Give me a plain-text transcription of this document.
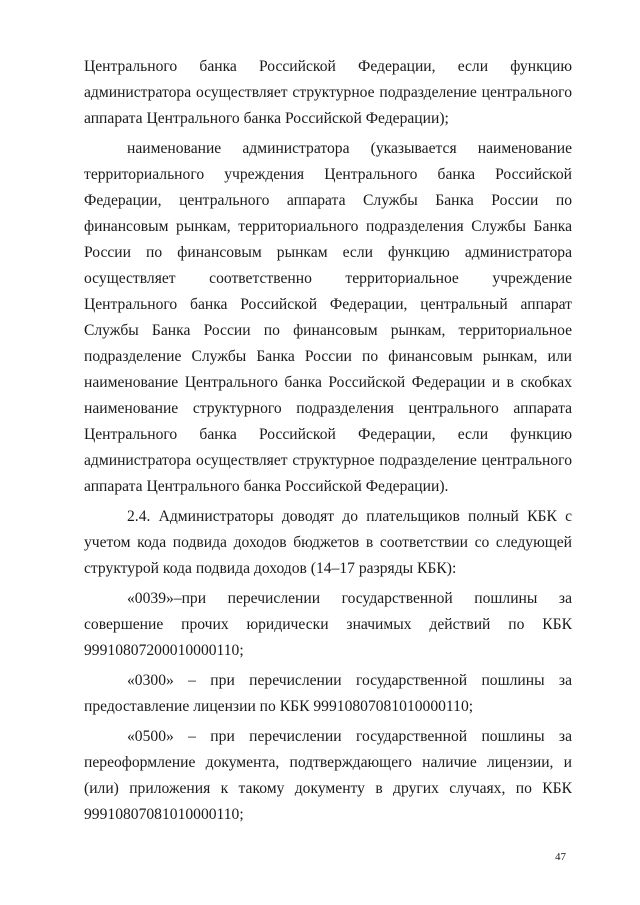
Центрального банка Российской Федерации, если функцию администратора осуществляет структурное подразделение центрального аппарата Центрального банка Российской Федерации);

наименование администратора (указывается наименование территориального учреждения Центрального банка Российской Федерации, центрального аппарата Службы Банка России по финансовым рынкам, территориального подразделения Службы Банка России по финансовым рынкам если функцию администратора осуществляет соответственно территориальное учреждение Центрального банка Российской Федерации, центральный аппарат Службы Банка России по финансовым рынкам, территориальное подразделение Службы Банка России по финансовым рынкам, или наименование Центрального банка Российской Федерации и в скобках наименование структурного подразделения центрального аппарата Центрального банка Российской Федерации, если функцию администратора осуществляет структурное подразделение центрального аппарата Центрального банка Российской Федерации).

2.4. Администраторы доводят до плательщиков полный КБК с учетом кода подвида доходов бюджетов в соответствии со следующей структурой кода подвида доходов (14–17 разряды КБК):

«0039»–при перечислении государственной пошлины за совершение прочих юридически значимых действий по КБК 99910807200010000110;

«0300» – при перечислении государственной пошлины за предоставление лицензии по КБК 99910807081010000110;

«0500» – при перечислении государственной пошлины за переоформление документа, подтверждающего наличие лицензии, и (или) приложения к такому документу в других случаях, по КБК 99910807081010000110;

47
